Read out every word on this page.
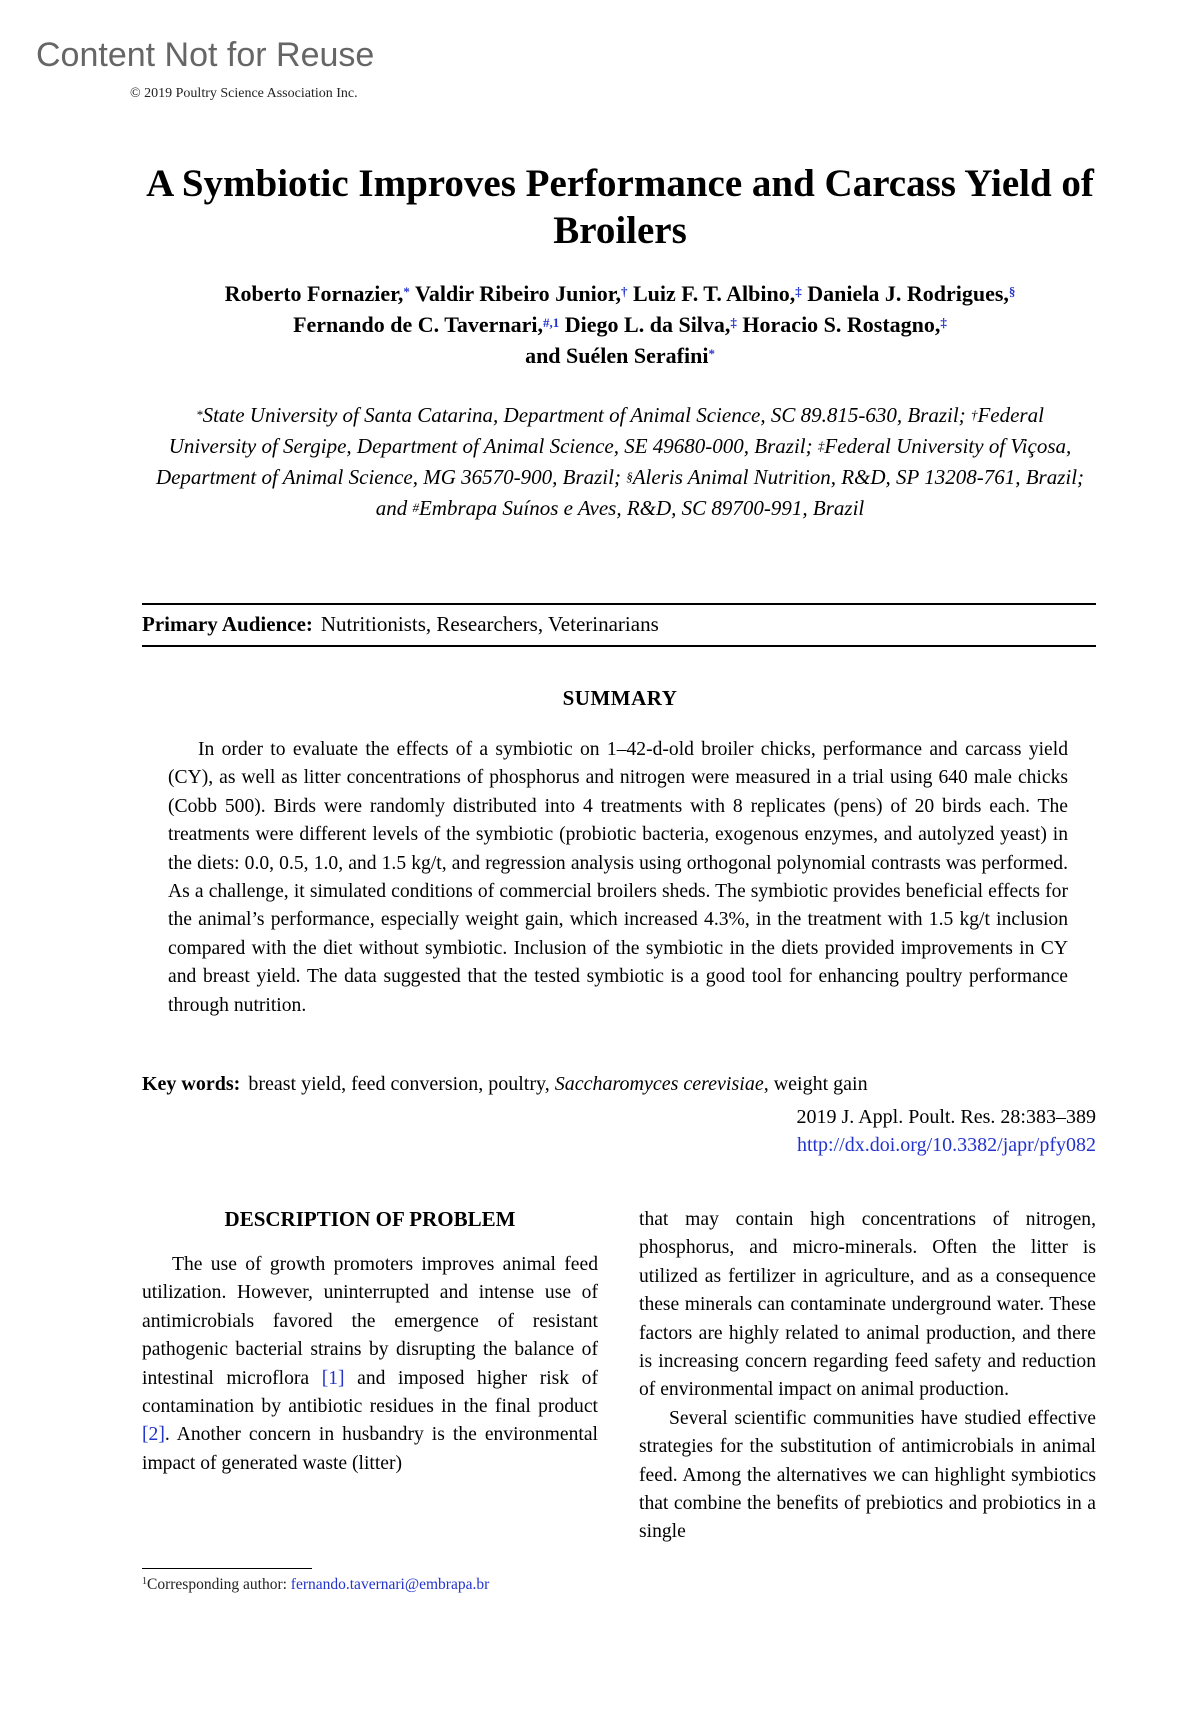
Content Not for Reuse
© 2019 Poultry Science Association Inc.
A Symbiotic Improves Performance and Carcass Yield of Broilers
Roberto Fornazier,* Valdir Ribeiro Junior,† Luiz F. T. Albino,‡ Daniela J. Rodrigues,§
Fernando de C. Tavernari,$^{\#,1}$ Diego L. da Silva,‡ Horacio S. Rostagno,‡
and Suélen Serafini*
*State University of Santa Catarina, Department of Animal Science, SC 89.815-630, Brazil; †Federal University of Sergipe, Department of Animal Science, SE 49680-000, Brazil; ‡Federal University of Viçosa, Department of Animal Science, MG 36570-900, Brazil; §Aleris Animal Nutrition, R&D, SP 13208-761, Brazil; and #Embrapa Suínos e Aves, R&D, SC 89700-991, Brazil
Primary Audience: Nutritionists, Researchers, Veterinarians
SUMMARY

In order to evaluate the effects of a symbiotic on 1–42-d-old broiler chicks, performance and carcass yield (CY), as well as litter concentrations of phosphorus and nitrogen were measured in a trial using 640 male chicks (Cobb 500). Birds were randomly distributed into 4 treatments with 8 replicates (pens) of 20 birds each. The treatments were different levels of the symbiotic (probiotic bacteria, exogenous enzymes, and autolyzed yeast) in the diets: 0.0, 0.5, 1.0, and 1.5 kg/t, and regression analysis using orthogonal polynomial contrasts was performed. As a challenge, it simulated conditions of commercial broilers sheds. The symbiotic provides beneficial effects for the animal’s performance, especially weight gain, which increased 4.3%, in the treatment with 1.5 kg/t inclusion compared with the diet without symbiotic. Inclusion of the symbiotic in the diets provided improvements in CY and breast yield. The data suggested that the tested symbiotic is a good tool for enhancing poultry performance through nutrition.

Key words: breast yield, feed conversion, poultry, Saccharomyces cerevisiae, weight gain
2019 J. Appl. Poult. Res. 28:383–389
http://dx.doi.org/10.3382/japr/pfy082
DESCRIPTION OF PROBLEM

The use of growth promoters improves animal feed utilization. However, uninterrupted and intense use of antimicrobials favored the emergence of resistant pathogenic bacterial strains by disrupting the balance of intestinal microflora [1] and imposed higher risk of contamination by antibiotic residues in the final product [2]. Another concern in husbandry is the environmental impact of generated waste (litter)

that may contain high concentrations of nitrogen, phosphorus, and micro-minerals. Often the litter is utilized as fertilizer in agriculture, and as a consequence these minerals can contaminate underground water. These factors are highly related to animal production, and there is increasing concern regarding feed safety and reduction of environmental impact on animal production.

Several scientific communities have studied effective strategies for the substitution of antimicrobials in animal feed. Among the alternatives we can highlight symbiotics that combine the benefits of prebiotics and probiotics in a single

$^1$Corresponding author: fernando.tavernari@embrapa.br
